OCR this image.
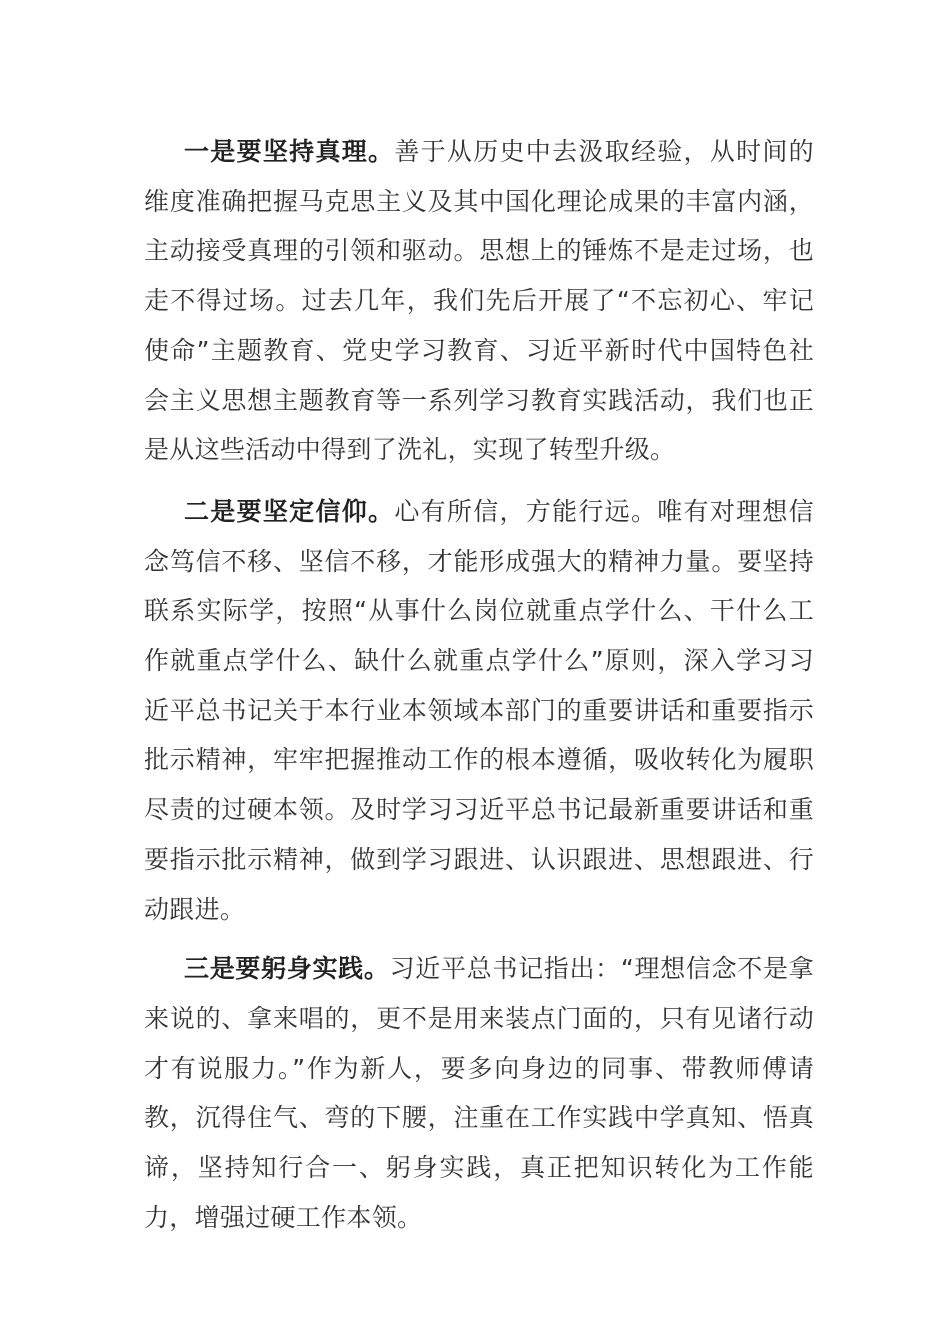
一是要坚持真理。善于从历史中去汲取经验，从时间的维度准确把握马克思主义及其中国化理论成果的丰富内涵，主动接受真理的引领和驱动。思想上的锤炼不是走过场，也走不得过场。过去几年，我们先后开展了“不忘初心、牢记使命”主题教育、党史学习教育、习近平新时代中国特色社会主义思想主题教育等一系列学习教育实践活动，我们也正是从这些活动中得到了洗礼，实现了转型升级。

二是要坚定信仰。心有所信，方能行远。唯有对理想信念笃信不移、坚信不移，才能形成强大的精神力量。要坚持联系实际学，按照“从事什么岗位就重点学什么、干什么工作就重点学什么、缺什么就重点学什么”原则，深入学习习近平总书记关于本行业本领域本部门的重要讲话和重要指示批示精神，牢牢把握推动工作的根本遵循，吸收转化为履职尽责的过硬本领。及时学习习近平总书记最新重要讲话和重要指示批示精神，做到学习跟进、认识跟进、思想跟进、行动跟进。

三是要躬身实践。习近平总书记指出：“理想信念不是拿来说的、拿来唱的，更不是用来装点门面的，只有见诸行动才有说服力。”作为新人，要多向身边的同事、带教师傅请教，沉得住气、弯的下腰，注重在工作实践中学真知、悟真谛，坚持知行合一、躬身实践，真正把知识转化为工作能力，增强过硬工作本领。
